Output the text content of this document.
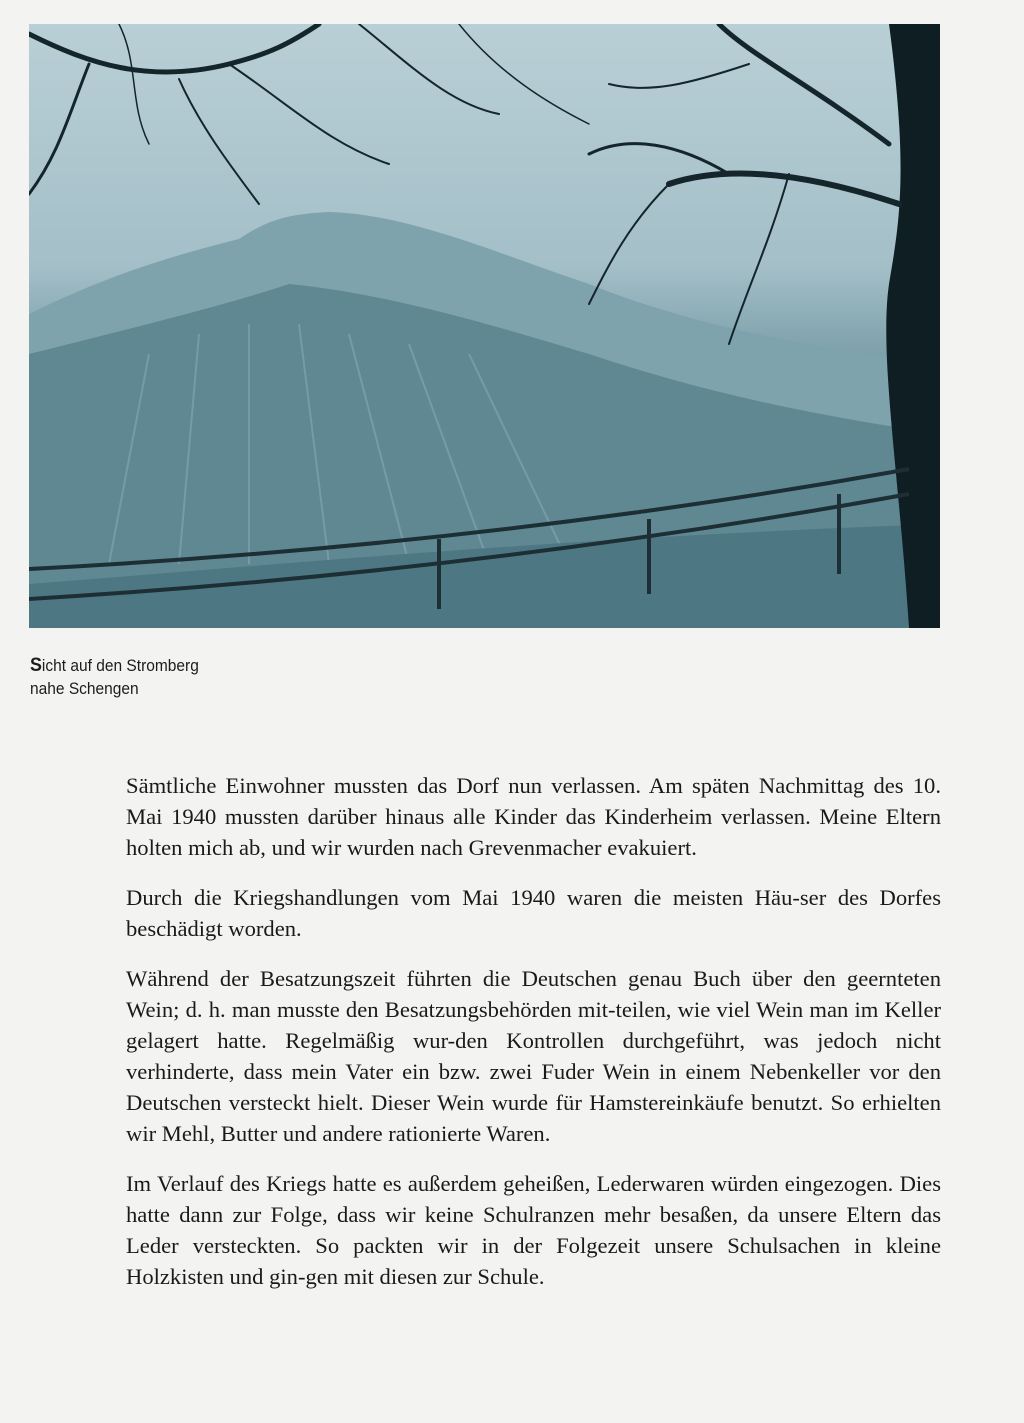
Sicht auf den Stromberg
nahe Schengen

Sämtliche Einwohner mussten das Dorf nun verlassen. Am späten Nachmittag des 10. Mai 1940 mussten darüber hinaus alle Kinder das Kinderheim verlassen. Meine Eltern holten mich ab, und wir wurden nach Grevenmacher evakuiert.

Durch die Kriegshandlungen vom Mai 1940 waren die meisten Häu-ser des Dorfes beschädigt worden.

Während der Besatzungszeit führten die Deutschen genau Buch über den geernteten Wein; d. h. man musste den Besatzungsbehörden mit-teilen, wie viel Wein man im Keller gelagert hatte. Regelmäßig wur-den Kontrollen durchgeführt, was jedoch nicht verhinderte, dass mein Vater ein bzw. zwei Fuder Wein in einem Nebenkeller vor den Deutschen versteckt hielt. Dieser Wein wurde für Hamstereinkäufe benutzt. So erhielten wir Mehl, Butter und andere rationierte Waren.

Im Verlauf des Kriegs hatte es außerdem geheißen, Lederwaren würden eingezogen. Dies hatte dann zur Folge, dass wir keine Schulranzen mehr besaßen, da unsere Eltern das Leder versteckten. So packten wir in der Folgezeit unsere Schulsachen in kleine Holzkisten und gin-gen mit diesen zur Schule.
